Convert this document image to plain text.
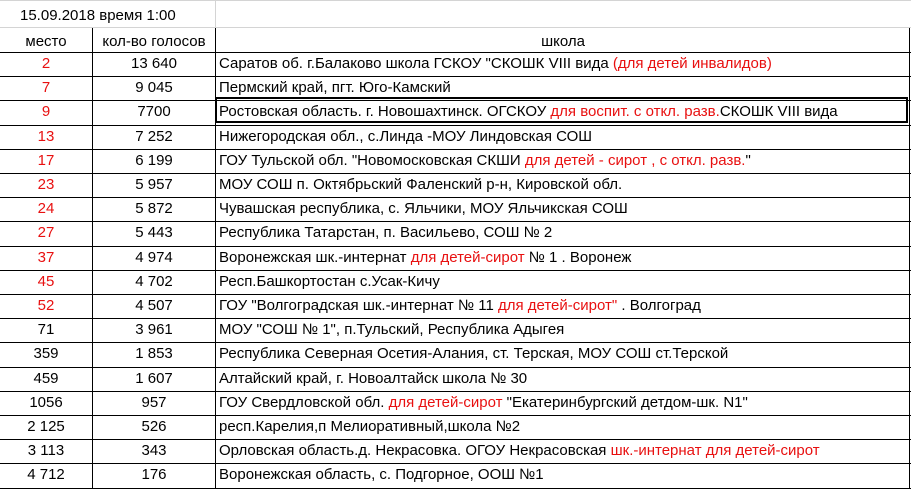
15.09.2018 время 1:00
место	кол-во голосов	школа
2	13 640	Саратов об. г.Балаково школа ГСКОУ "СКОШК VIII вида (для детей инвалидов)
7	9 045	Пермский край, пгт. Юго-Камский
9	7700	Ростовская область. г. Новошахтинск. ОГСКОУ для воспит. с откл. разв.СКОШК VIII вида
13	7 252	Нижегородская обл., с.Линда -МОУ Линдовская СОШ
17	6 199	ГОУ Тульской обл. "Новомосковская СКШИ для детей - сирот , с откл. разв."
23	5 957	МОУ СОШ п. Октябрьский Фаленский р-н, Кировской обл.
24	5 872	Чувашская республика, с. Яльчики, МОУ Яльчикская СОШ
27	5 443	Республика Татарстан, п. Васильево, СОШ № 2
37	4 974	Воронежская шк.-интернат для детей-сирот № 1 . Воронеж
45	4 702	Респ.Башкортостан с.Усак-Кичу
52	4 507	ГОУ "Волгоградская шк.-интернат № 11 для детей-сирот" . Волгоград
71	3 961	МОУ "СОШ № 1", п.Тульский, Республика Адыгея
359	1 853	Республика Северная Осетия-Алания, ст. Терская, МОУ СОШ ст.Терской
459	1 607	Алтайский край, г. Новоалтайск школа № 30
1056	957	ГОУ Свердловской обл. для детей-сирот "Екатеринбургский детдом-шк. N1"
2 125	526	респ.Карелия,п Мелиоративный,школа №2
3 113	343	Орловская область.д. Некрасовка. ОГОУ Некрасовская шк.-интернат для детей-сирот
4 712	176	Воронежская область, с. Подгорное, ООШ №1
